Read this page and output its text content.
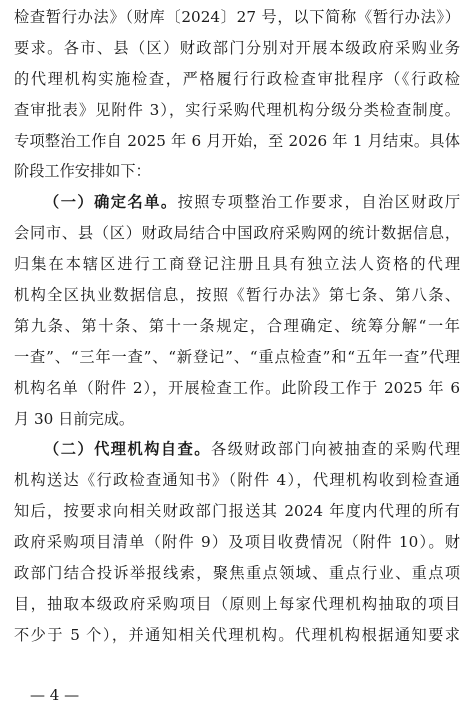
检查暂行办法》（财库〔2024〕27 号，以下简称《暂行办法》）
要求。各市、县（区）财政部门分别对开展本级政府采购业务
的代理机构实施检查，严格履行行政检查审批程序（《行政检
查审批表》见附件 3），实行采购代理机构分级分类检查制度。
专项整治工作自 2025 年 6 月开始，至 2026 年 1 月结束。具体
阶段工作安排如下：
（一）确定名单。按照专项整治工作要求，自治区财政厅
会同市、县（区）财政局结合中国政府采购网的统计数据信息，
归集在本辖区进行工商登记注册且具有独立法人资格的代理
机构全区执业数据信息，按照《暂行办法》第七条、第八条、
第九条、第十条、第十一条规定，合理确定、统筹分解“一年
一查”、“三年一查”、“新登记”、“重点检查”和“五年一查”代理
机构名单（附件 2），开展检查工作。此阶段工作于 2025 年 6
月 30 日前完成。
（二）代理机构自查。各级财政部门向被抽查的采购代理
机构送达《行政检查通知书》（附件 4），代理机构收到检查通
知后，按要求向相关财政部门报送其 2024 年度内代理的所有
政府采购项目清单（附件 9）及项目收费情况（附件 10）。财
政部门结合投诉举报线索，聚焦重点领域、重点行业、重点项
目，抽取本级政府采购项目（原则上每家代理机构抽取的项目
不少于 5 个），并通知相关代理机构。代理机构根据通知要求
— 4 —
